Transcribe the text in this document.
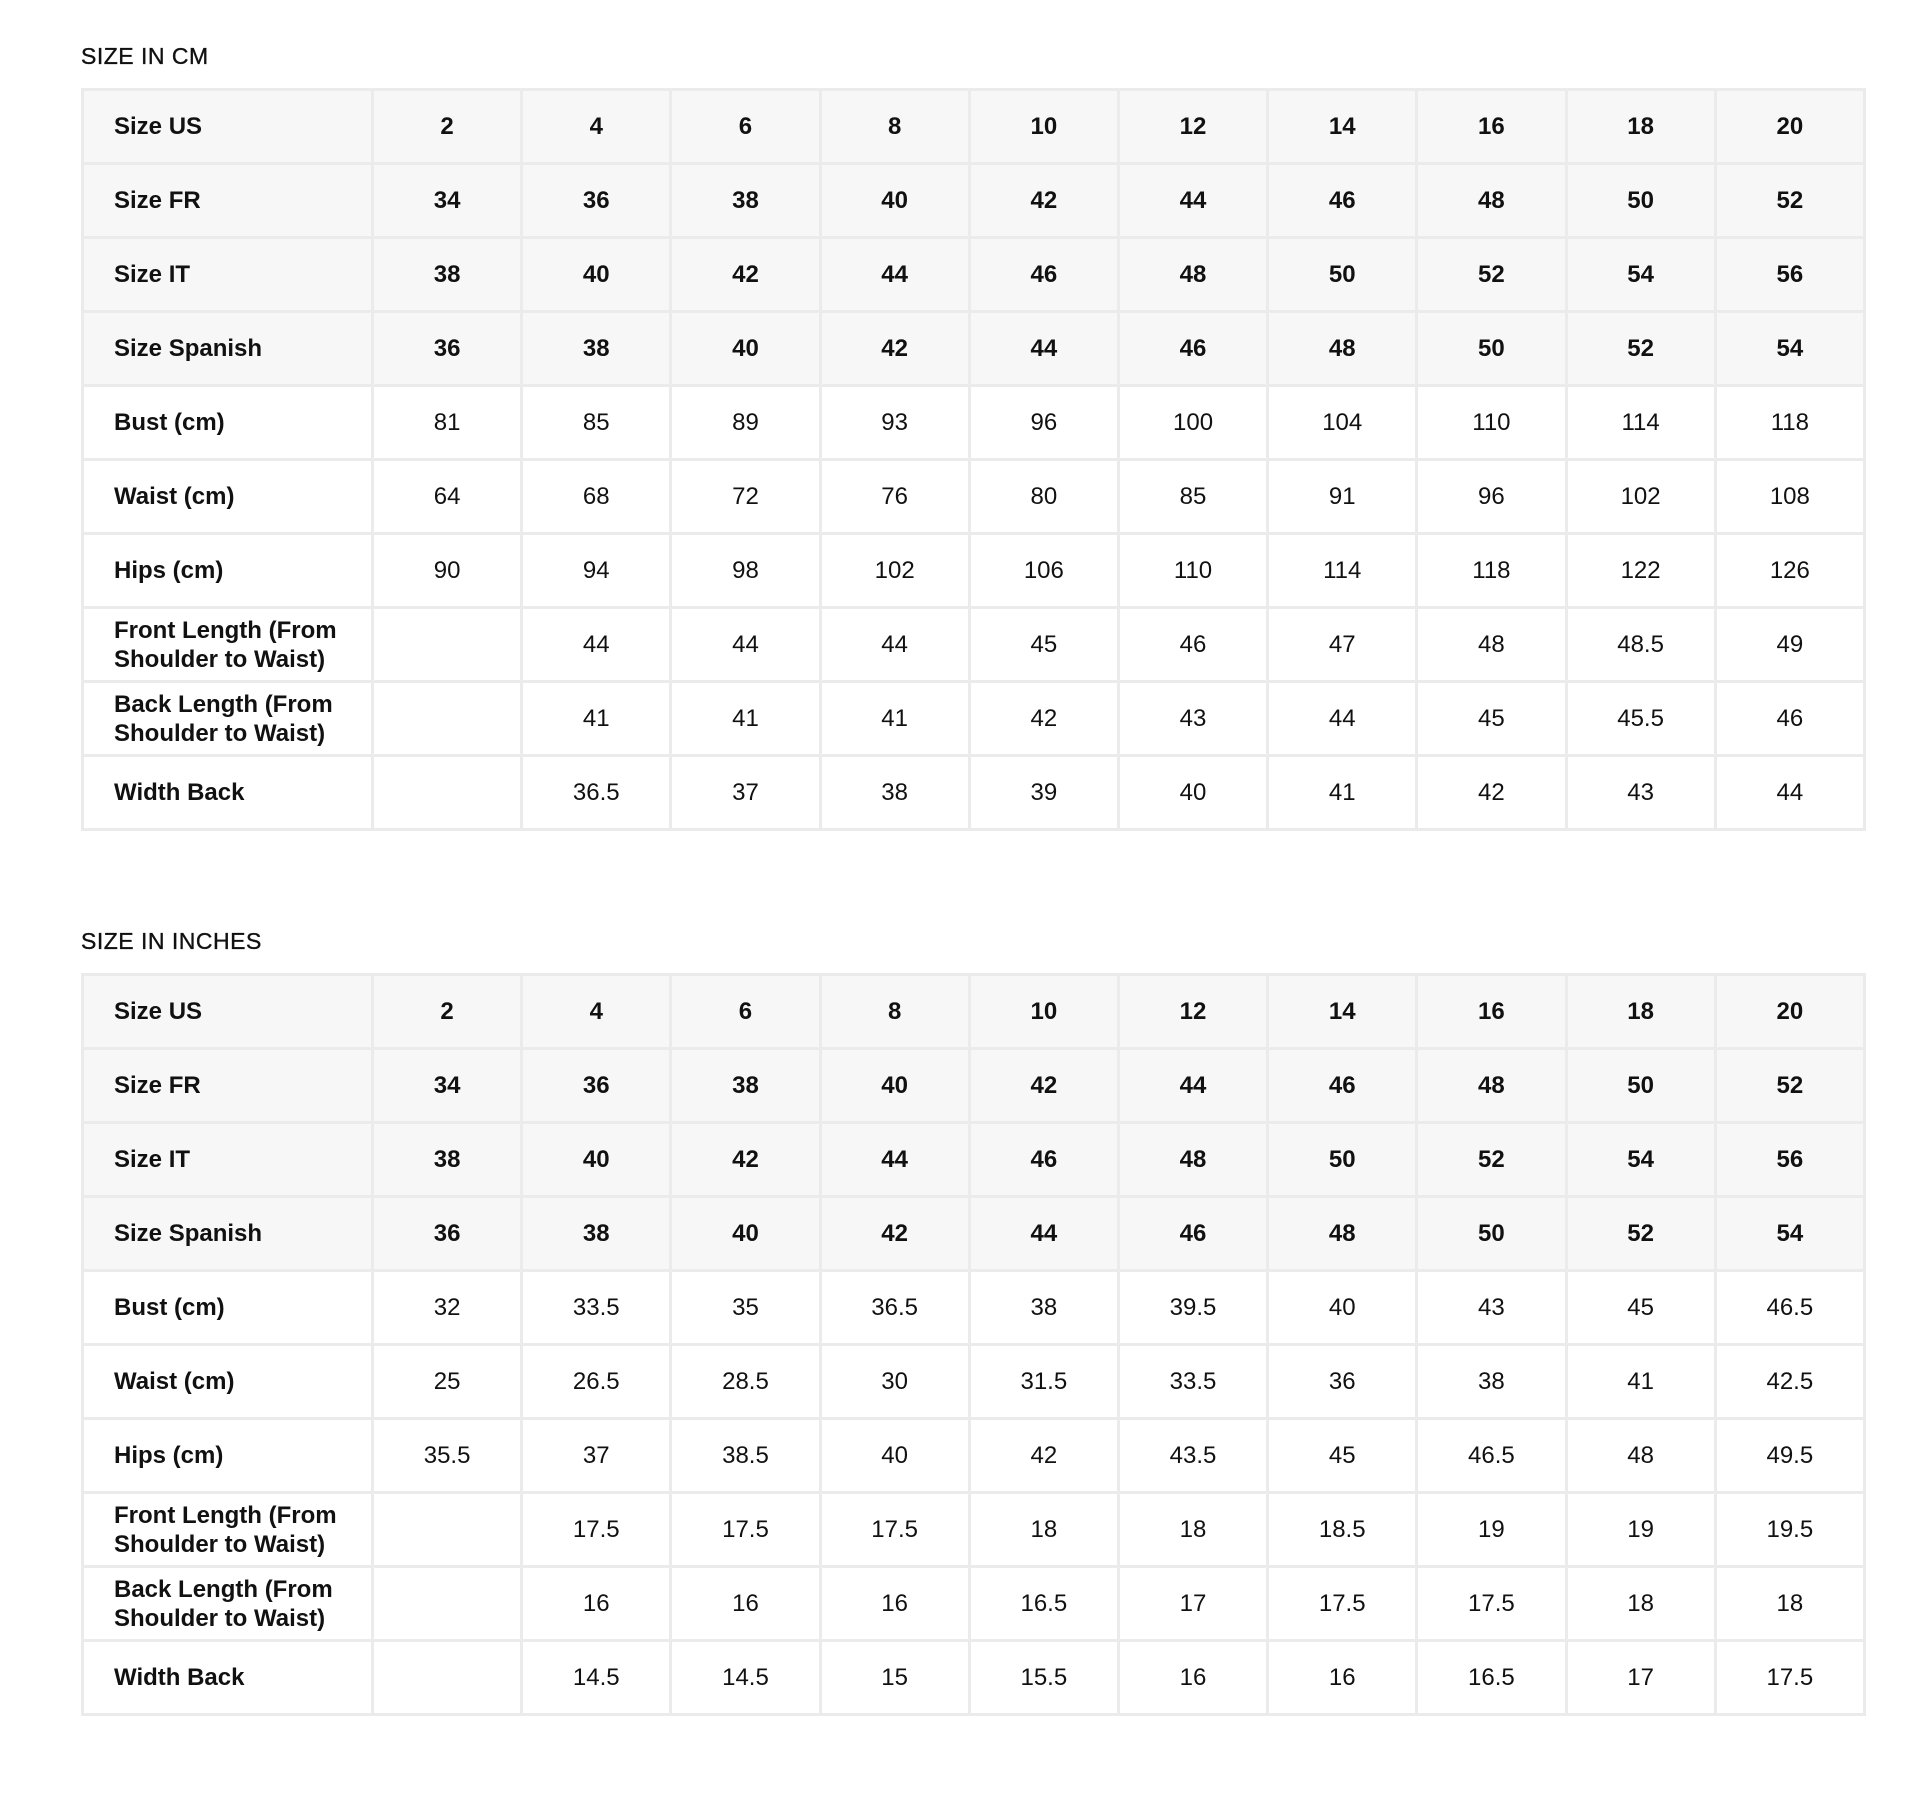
SIZE IN CM
Size US	2	4	6	8	10	12	14	16	18	20
Size FR	34	36	38	40	42	44	46	48	50	52
Size IT	38	40	42	44	46	48	50	52	54	56
Size Spanish	36	38	40	42	44	46	48	50	52	54
Bust (cm)	81	85	89	93	96	100	104	110	114	118
Waist (cm)	64	68	72	76	80	85	91	96	102	108
Hips (cm)	90	94	98	102	106	110	114	118	122	126
Front Length (From Shoulder to Waist)		44	44	44	45	46	47	48	48.5	49
Back Length (From Shoulder to Waist)		41	41	41	42	43	44	45	45.5	46
Width Back		36.5	37	38	39	40	41	42	43	44
SIZE IN INCHES
Size US	2	4	6	8	10	12	14	16	18	20
Size FR	34	36	38	40	42	44	46	48	50	52
Size IT	38	40	42	44	46	48	50	52	54	56
Size Spanish	36	38	40	42	44	46	48	50	52	54
Bust (cm)	32	33.5	35	36.5	38	39.5	40	43	45	46.5
Waist (cm)	25	26.5	28.5	30	31.5	33.5	36	38	41	42.5
Hips (cm)	35.5	37	38.5	40	42	43.5	45	46.5	48	49.5
Front Length (From Shoulder to Waist)		17.5	17.5	17.5	18	18	18.5	19	19	19.5
Back Length (From Shoulder to Waist)		16	16	16	16.5	17	17.5	17.5	18	18
Width Back		14.5	14.5	15	15.5	16	16	16.5	17	17.5
